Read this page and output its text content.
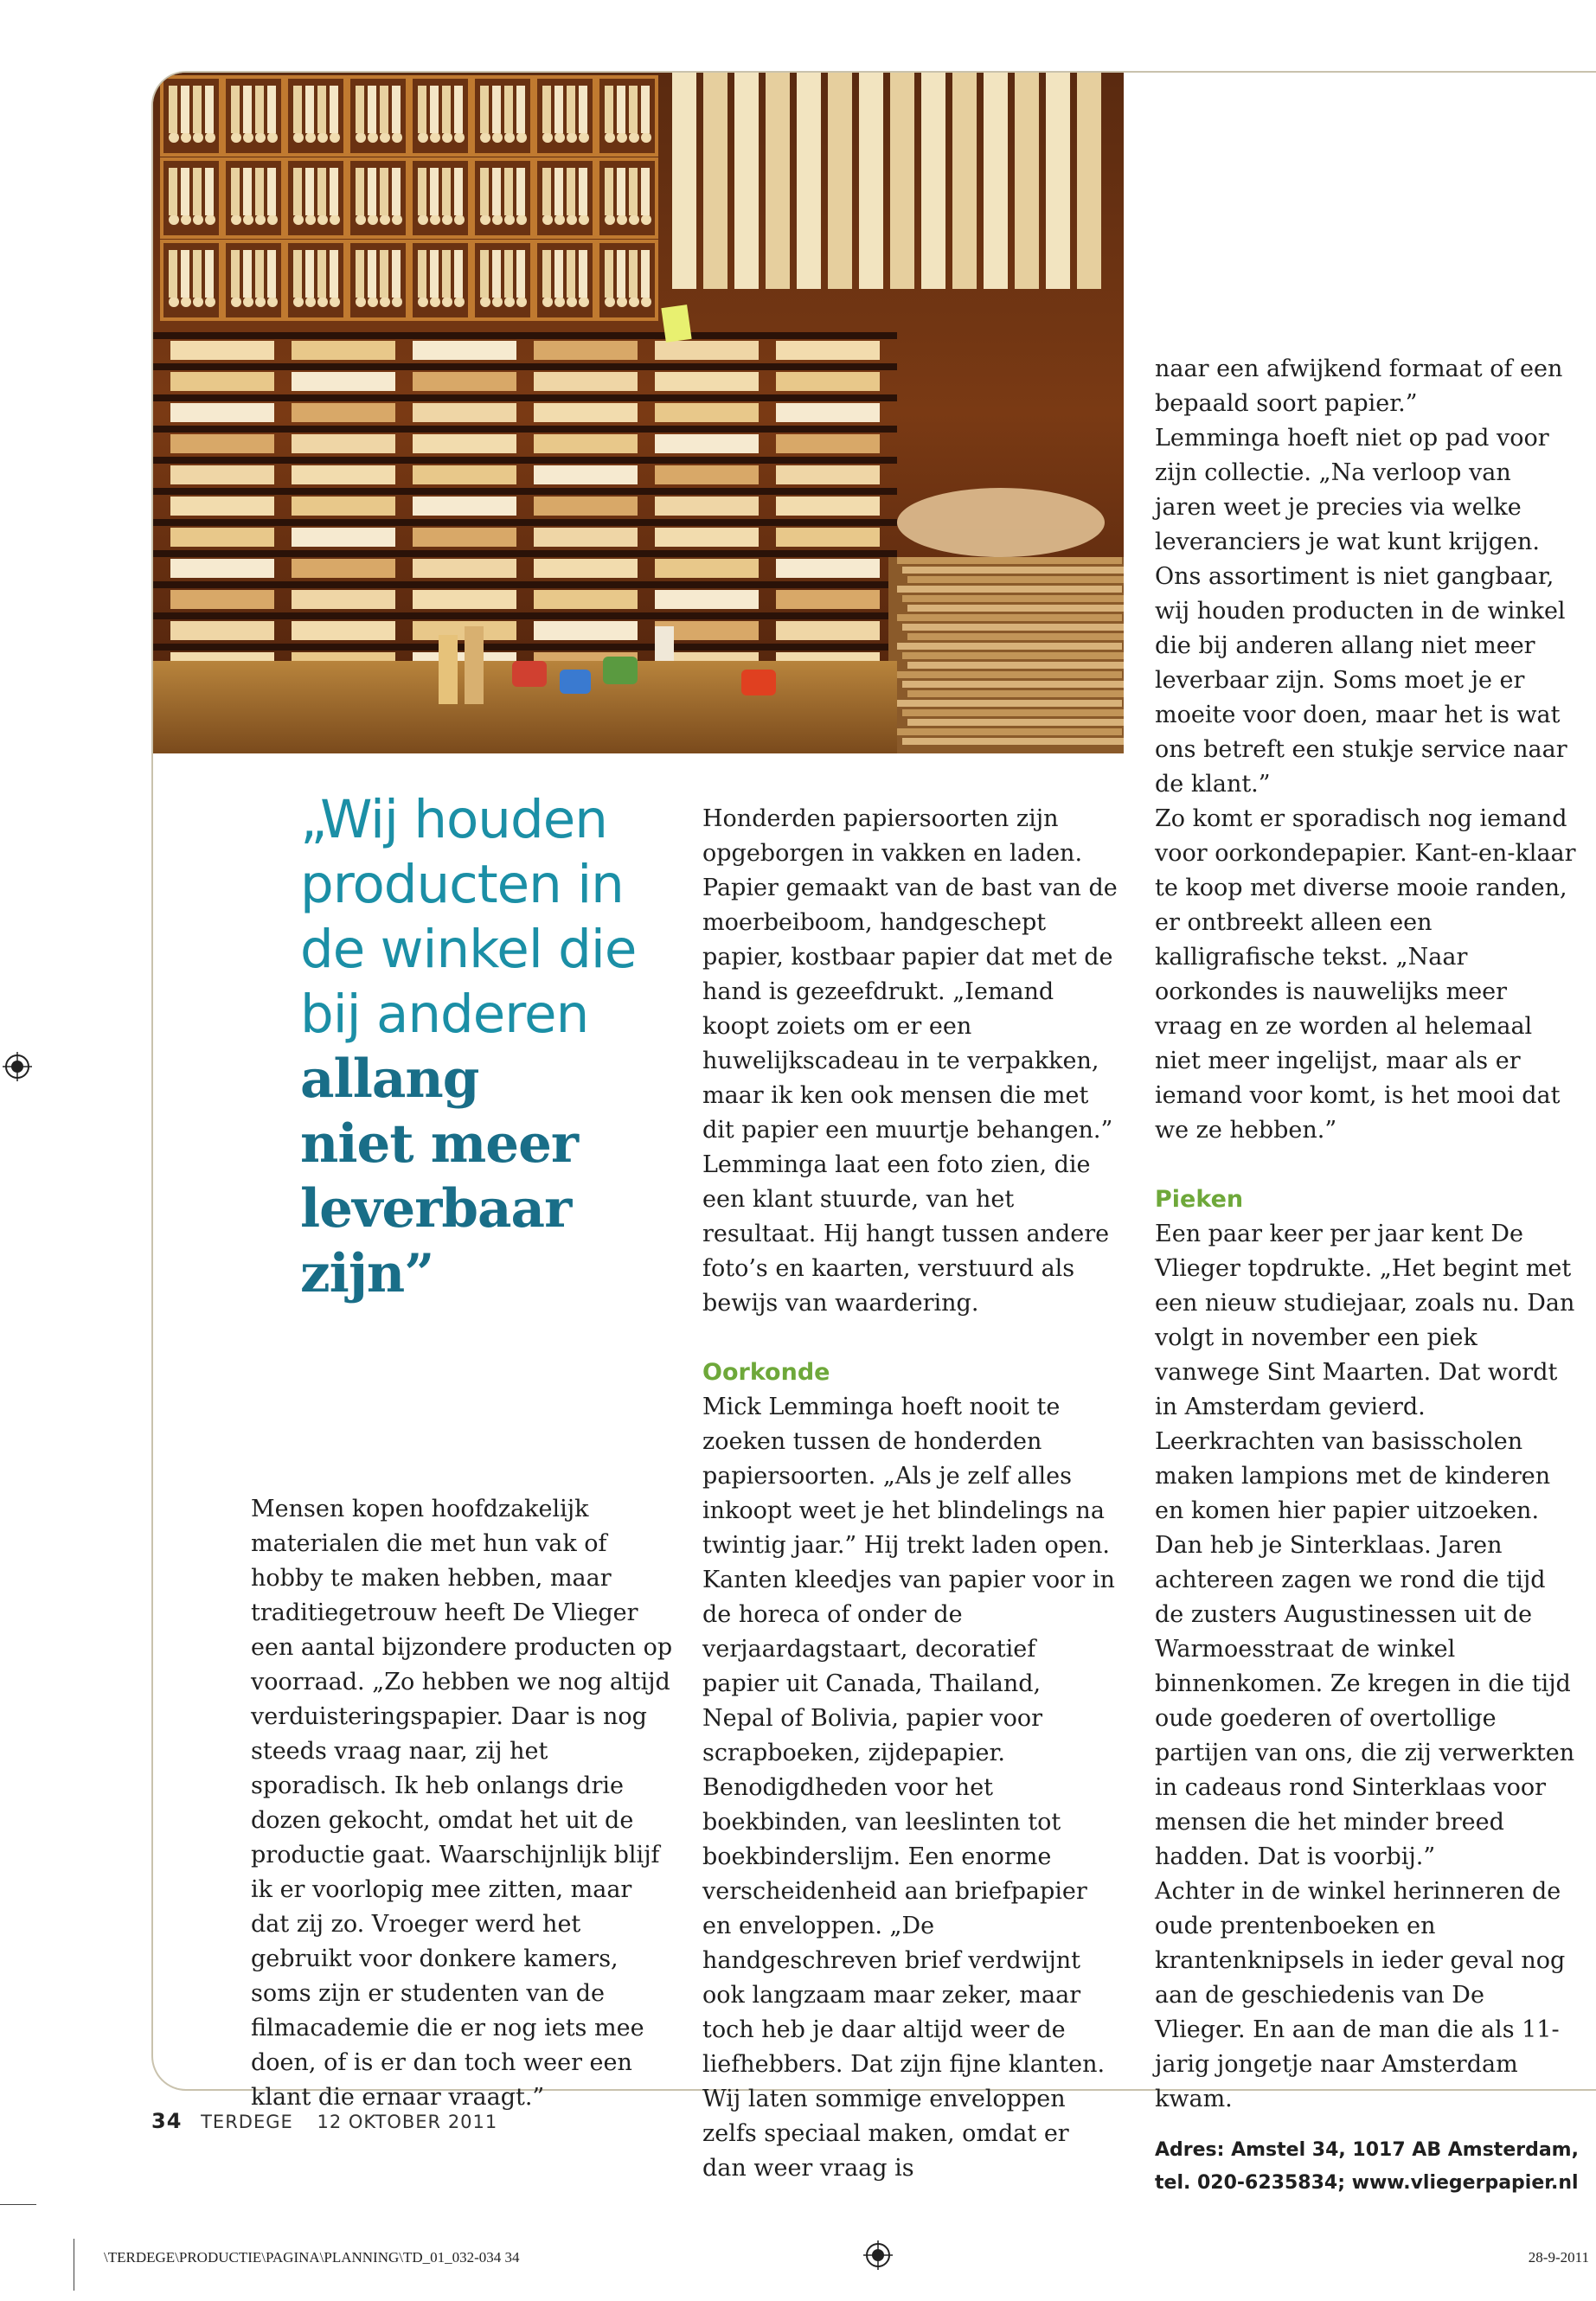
„Wij houden
producten in
de winkel die
bij anderen
allang
niet meer
leverbaar
zijn”

Mensen kopen hoofdzakelijk materialen die met hun vak of hobby te maken hebben, maar traditiegetrouw heeft De Vlieger een aantal bijzondere producten op voorraad. „Zo hebben we nog altijd verduisteringspapier. Daar is nog steeds vraag naar, zij het sporadisch. Ik heb onlangs drie dozen gekocht, omdat het uit de productie gaat. Waarschijnlijk blijf ik er voorlopig mee zitten, maar dat zij zo. Vroeger werd het gebruikt voor donkere kamers, soms zijn er studenten van de filmacademie die er nog iets mee doen, of is er dan toch weer een klant die ernaar vraagt.”

Honderden papiersoorten zijn opgeborgen in vakken en laden. Papier gemaakt van de bast van de moerbeiboom, handgeschept papier, kostbaar papier dat met de hand is gezeefdrukt. „Iemand koopt zoiets om er een huwelijkscadeau in te verpakken, maar ik ken ook mensen die met dit papier een muurtje behangen.” Lemminga laat een foto zien, die een klant stuurde, van het resultaat. Hij hangt tussen andere foto’s en kaarten, verstuurd als bewijs van waardering.

Oorkonde

Mick Lemminga hoeft nooit te zoeken tussen de honderden papiersoorten. „Als je zelf alles inkoopt weet je het blindelings na twintig jaar.” Hij trekt laden open. Kanten kleedjes van papier voor in de horeca of onder de verjaardagstaart, decoratief papier uit Canada, Thailand, Nepal of Bolivia, papier voor scrapboeken, zijdepapier. Benodigdheden voor het boekbinden, van leeslinten tot boekbinderslijm. Een enorme verscheidenheid aan briefpapier en enveloppen. „De handgeschreven brief verdwijnt ook langzaam maar zeker, maar toch heb je daar altijd weer de liefhebbers. Dat zijn fijne klanten. Wij laten sommige enveloppen zelfs speciaal maken, omdat er dan weer vraag is

naar een afwijkend formaat of een bepaald soort papier.”

Lemminga hoeft niet op pad voor zijn collectie. „Na verloop van jaren weet je precies via welke leveranciers je wat kunt krijgen. Ons assortiment is niet gangbaar, wij houden producten in de winkel die bij anderen allang niet meer leverbaar zijn. Soms moet je er moeite voor doen, maar het is wat ons betreft een stukje service naar de klant.”

Zo komt er sporadisch nog iemand voor oorkondepapier. Kant-en-klaar te koop met diverse mooie randen, er ontbreekt alleen een kalligrafische tekst. „Naar oorkondes is nauwelijks meer vraag en ze worden al helemaal niet meer ingelijst, maar als er iemand voor komt, is het mooi dat we ze hebben.”

Pieken

Een paar keer per jaar kent De Vlieger topdrukte. „Het begint met een nieuw studiejaar, zoals nu. Dan volgt in november een piek vanwege Sint Maarten. Dat wordt in Amsterdam gevierd. Leerkrachten van basisscholen maken lampions met de kinderen en komen hier papier uitzoeken. Dan heb je Sinterklaas. Jaren achtereen zagen we rond die tijd de zusters Augustinessen uit de Warmoesstraat de winkel binnenkomen. Ze kregen in die tijd oude goederen of overtollige partijen van ons, die zij verwerkten in cadeaus rond Sinterklaas voor mensen die het minder breed hadden. Dat is voorbij.”

Achter in de winkel herinneren de oude prentenboeken en krantenknipsels in ieder geval nog aan de geschiedenis van De Vlieger. En aan de man die als 11-jarig jongetje naar Amsterdam kwam.

Adres: Amstel 34, 1017 AB Amsterdam, tel. 020-6235834; www.vliegerpapier.nl

34 TERDEGE 12 OKTOBER 2011
\TERDEGE\PRODUCTIE\PAGINA\PLANNING\TD_01_032-034 34	28-9-2011
